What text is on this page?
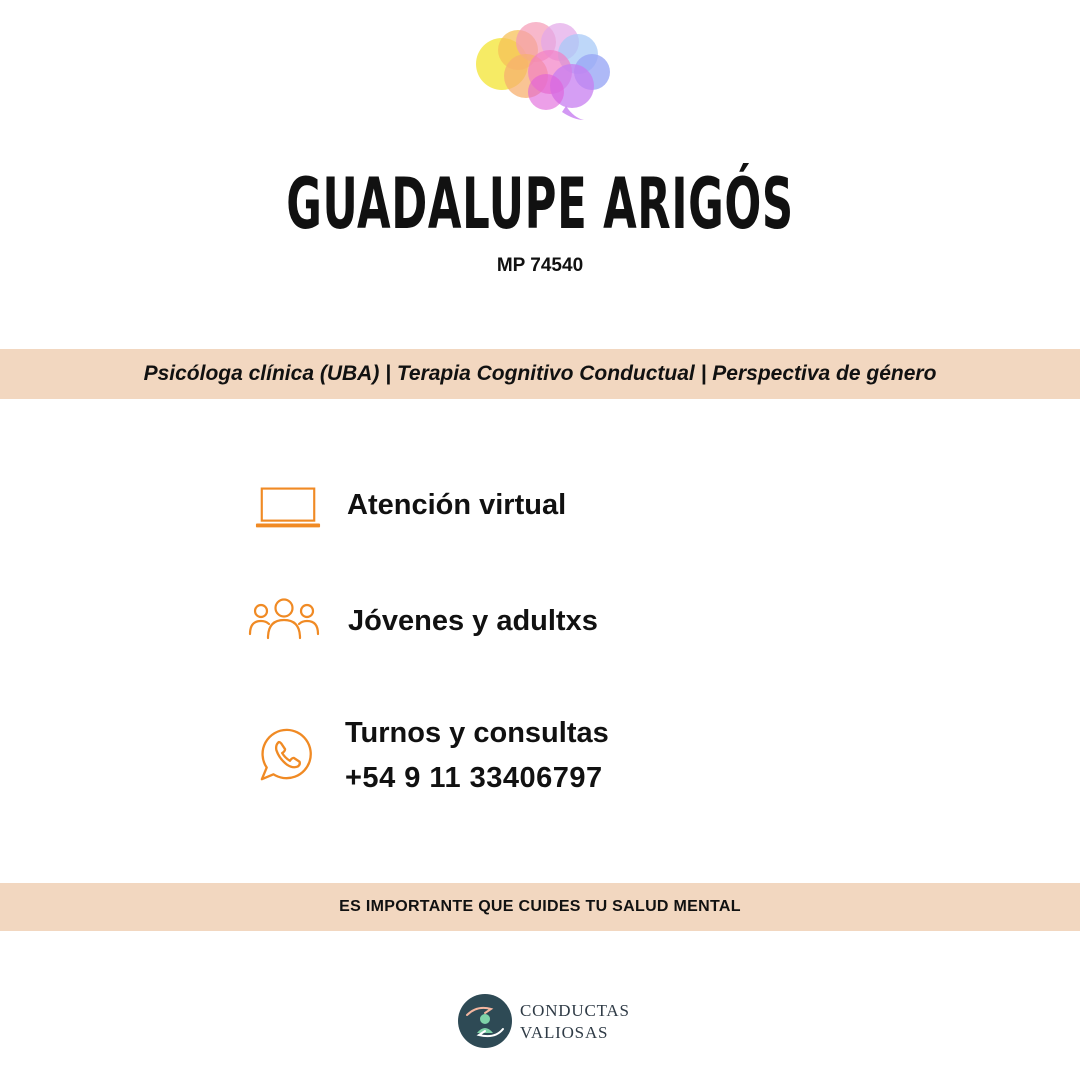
GUADALUPE ARIGÓS
MP 74540
Psicóloga clínica (UBA) | Terapia Cognitivo Conductual | Perspectiva de género
Atención virtual
Jóvenes y adultxs
Turnos y consultas
+54 9 11 33406797
ES IMPORTANTE QUE CUIDES TU SALUD MENTAL
CONDUCTAS
VALIOSAS
